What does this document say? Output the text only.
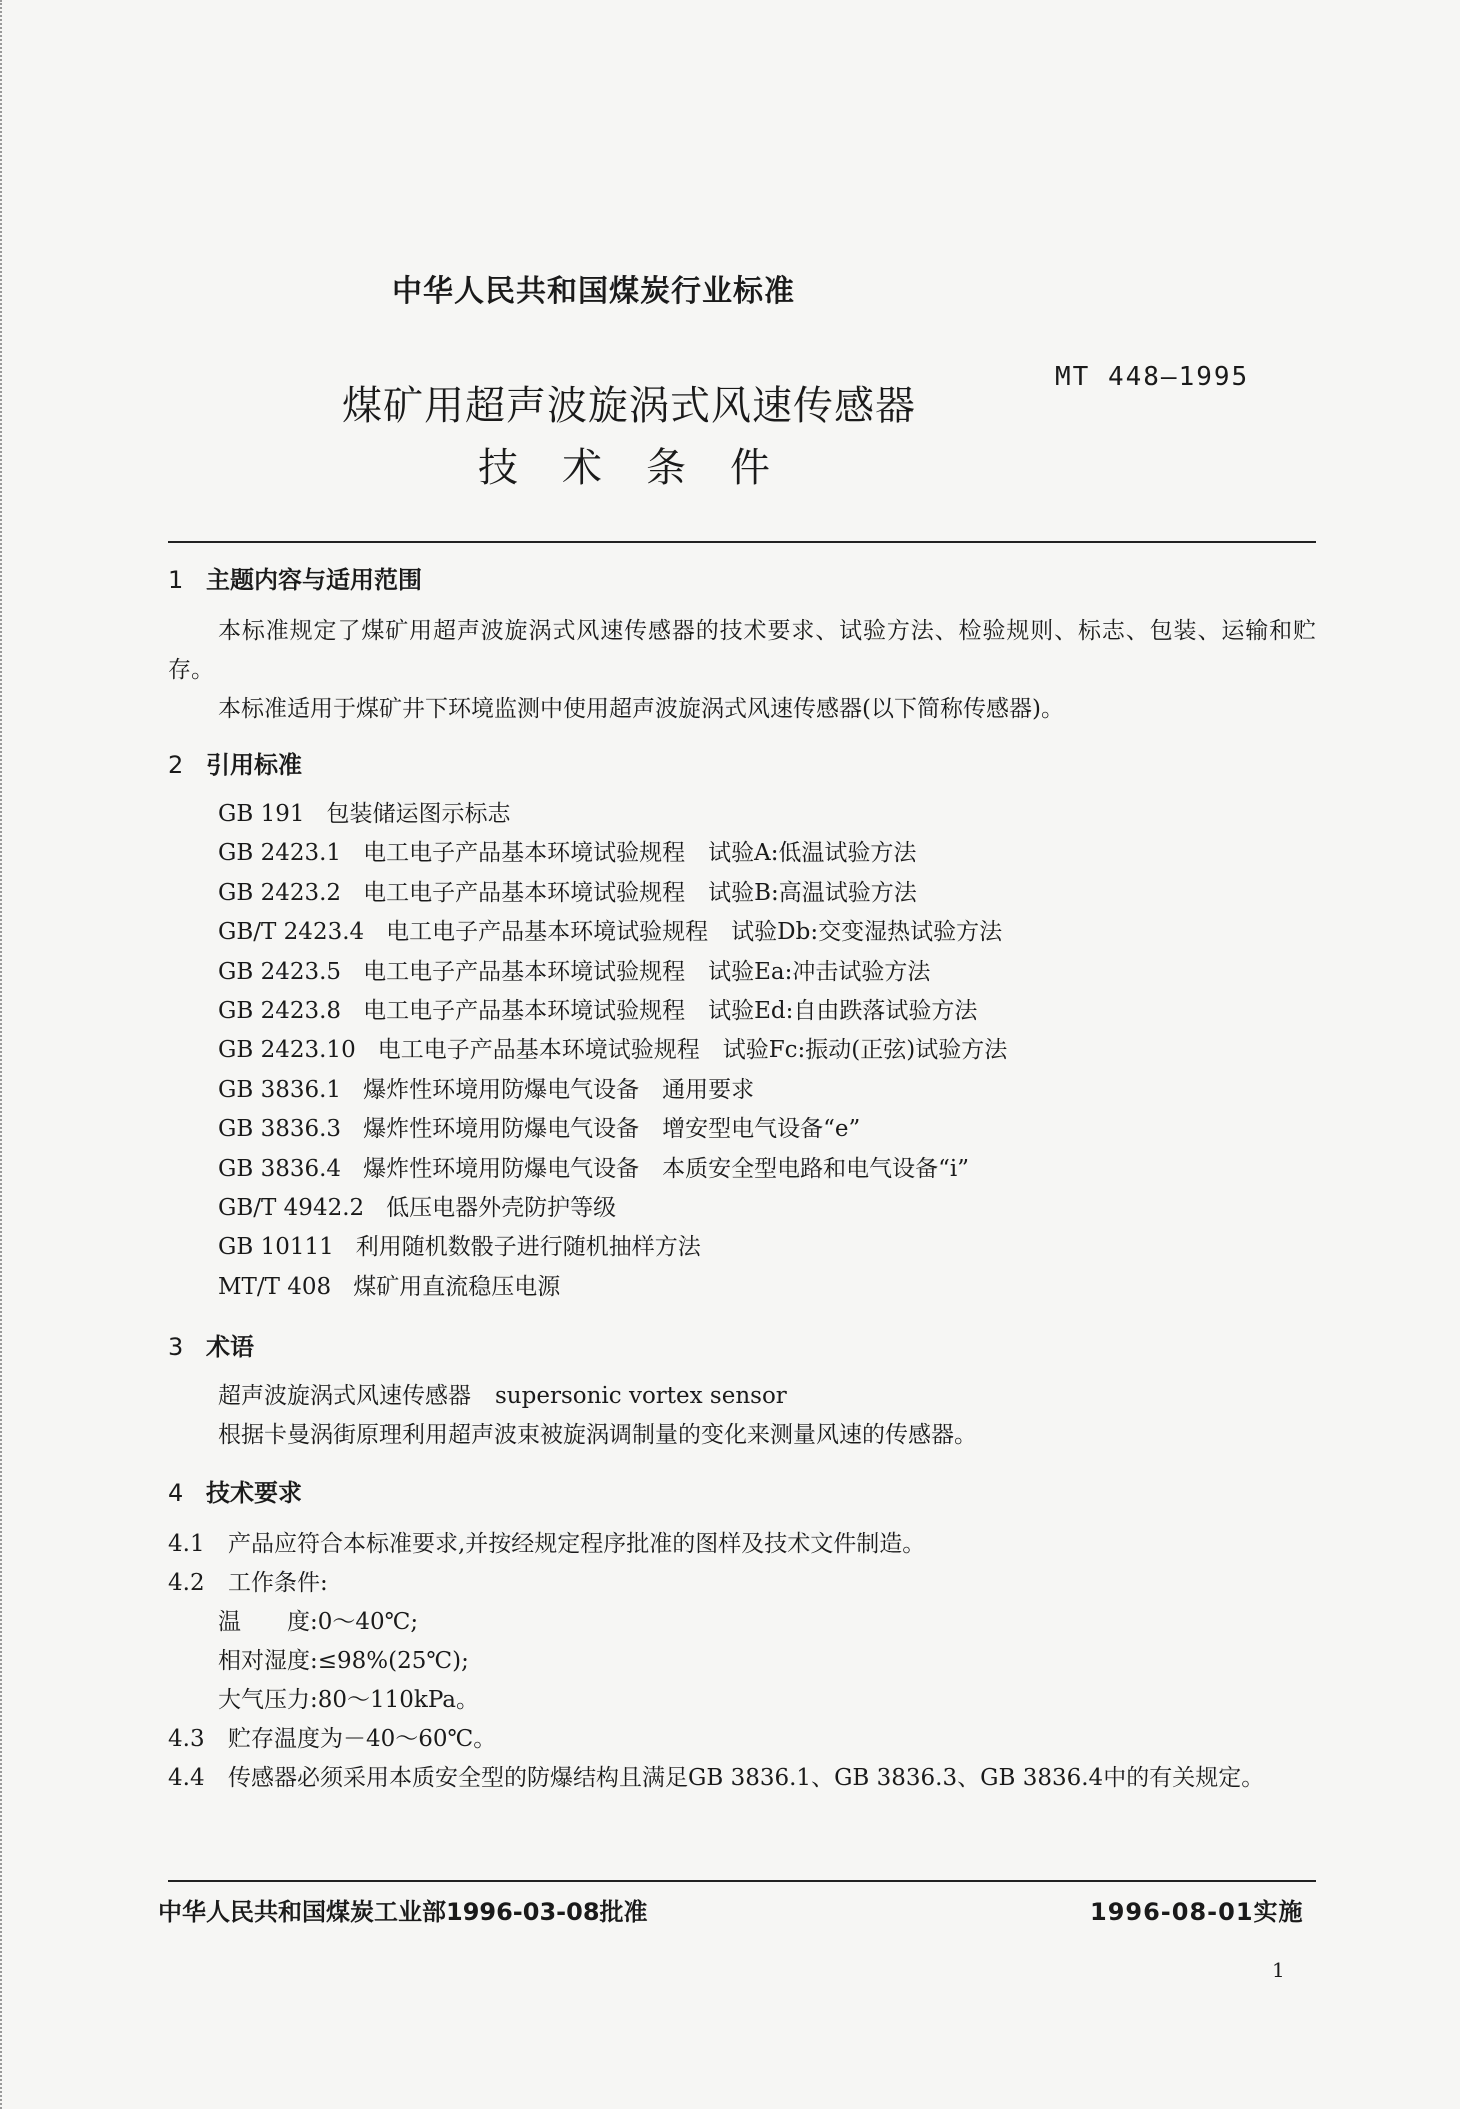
中华人民共和国煤炭行业标准
MT 448—1995
煤矿用超声波旋涡式风速传感器
技术条件
1 主题内容与适用范围

本标准规定了煤矿用超声波旋涡式风速传感器的技术要求、试验方法、检验规则、标志、包装、运输和贮存。

本标准适用于煤矿井下环境监测中使用超声波旋涡式风速传感器(以下简称传感器)。

2 引用标准
GB 191 包装储运图示标志
GB 2423.1 电工电子产品基本环境试验规程　试验A:低温试验方法
GB 2423.2 电工电子产品基本环境试验规程　试验B:高温试验方法
GB/T 2423.4 电工电子产品基本环境试验规程　试验Db:交变湿热试验方法
GB 2423.5 电工电子产品基本环境试验规程　试验Ea:冲击试验方法
GB 2423.8 电工电子产品基本环境试验规程　试验Ed:自由跌落试验方法
GB 2423.10 电工电子产品基本环境试验规程　试验Fc:振动(正弦)试验方法
GB 3836.1 爆炸性环境用防爆电气设备　通用要求
GB 3836.3 爆炸性环境用防爆电气设备　增安型电气设备“e”
GB 3836.4 爆炸性环境用防爆电气设备　本质安全型电路和电气设备“i”
GB/T 4942.2 低压电器外壳防护等级
GB 10111 利用随机数骰子进行随机抽样方法
MT/T 408 煤矿用直流稳压电源
3 术语
超声波旋涡式风速传感器 supersonic vortex sensor
根据卡曼涡街原理利用超声波束被旋涡调制量的变化来测量风速的传感器。
4 技术要求

4.1 产品应符合本标准要求,并按经规定程序批准的图样及技术文件制造。

4.2 工作条件:

温　　度:0～40℃;
相对湿度:≤98%(25℃);
大气压力:80～110kPa。

4.3 贮存温度为－40～60℃。

4.4 传感器必须采用本质安全型的防爆结构且满足GB 3836.1、GB 3836.3、GB 3836.4中的有关规定。

中华人民共和国煤炭工业部1996-03-08批准	1996-08-01实施
1
